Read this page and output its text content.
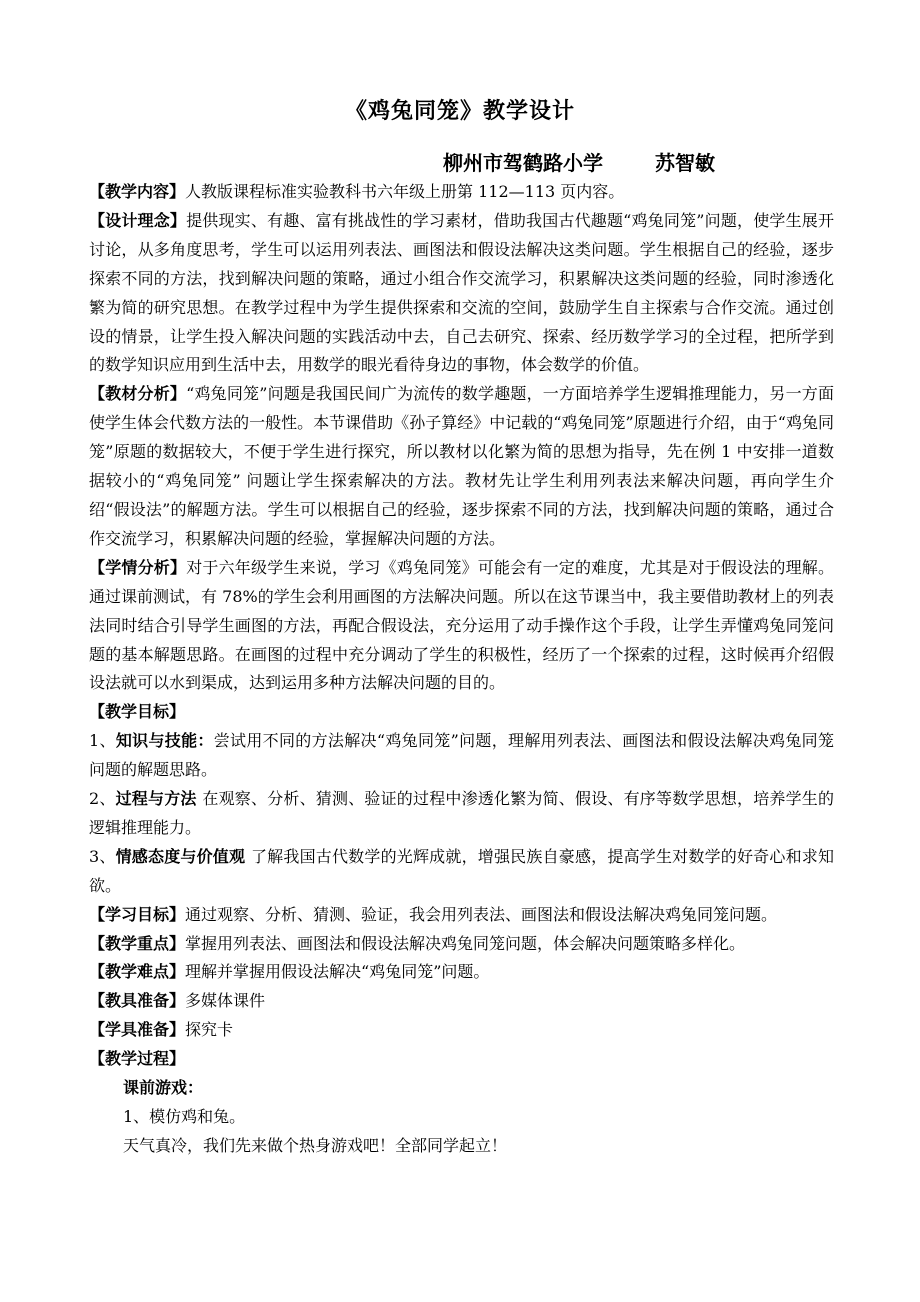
《鸡兔同笼》教学设计
柳州市驾鹤路小学	苏智敏

【教学内容】人教版课程标准实验教科书六年级上册第 112—113 页内容。

【设计理念】提供现实、有趣、富有挑战性的学习素材，借助我国古代趣题“鸡兔同笼”问题，使学生展开讨论，从多角度思考，学生可以运用列表法、画图法和假设法解决这类问题。学生根据自己的经验，逐步探索不同的方法，找到解决问题的策略，通过小组合作交流学习，积累解决这类问题的经验，同时渗透化繁为简的研究思想。在教学过程中为学生提供探索和交流的空间，鼓励学生自主探索与合作交流。通过创设的情景，让学生投入解决问题的实践活动中去，自己去研究、探索、经历数学学习的全过程，把所学到的数学知识应用到生活中去，用数学的眼光看待身边的事物，体会数学的价值。

【教材分析】“鸡兔同笼”问题是我国民间广为流传的数学趣题，一方面培养学生逻辑推理能力，另一方面使学生体会代数方法的一般性。本节课借助《孙子算经》中记载的“鸡兔同笼”原题进行介绍，由于“鸡兔同笼”原题的数据较大，不便于学生进行探究，所以教材以化繁为简的思想为指导，先在例 1 中安排一道数据较小的“鸡兔同笼” 问题让学生探索解决的方法。教材先让学生利用列表法来解决问题，再向学生介绍“假设法”的解题方法。学生可以根据自己的经验，逐步探索不同的方法，找到解决问题的策略，通过合作交流学习，积累解决问题的经验，掌握解决问题的方法。

【学情分析】对于六年级学生来说，学习《鸡兔同笼》可能会有一定的难度，尤其是对于假设法的理解。通过课前测试，有 78%的学生会利用画图的方法解决问题。所以在这节课当中，我主要借助教材上的列表法同时结合引导学生画图的方法，再配合假设法，充分运用了动手操作这个手段，让学生弄懂鸡兔同笼问题的基本解题思路。在画图的过程中充分调动了学生的积极性，经历了一个探索的过程，这时候再介绍假设法就可以水到渠成，达到运用多种方法解决问题的目的。

【教学目标】

1、知识与技能：尝试用不同的方法解决“鸡兔同笼”问题，理解用列表法、画图法和假设法解决鸡兔同笼问题的解题思路。

2、过程与方法 在观察、分析、猜测、验证的过程中渗透化繁为简、假设、有序等数学思想，培养学生的逻辑推理能力。

3、情感态度与价值观 了解我国古代数学的光辉成就，增强民族自豪感，提高学生对数学的好奇心和求知欲。

【学习目标】通过观察、分析、猜测、验证，我会用列表法、画图法和假设法解决鸡兔同笼问题。

【教学重点】掌握用列表法、画图法和假设法解决鸡兔同笼问题，体会解决问题策略多样化。

【教学难点】理解并掌握用假设法解决“鸡兔同笼”问题。

【教具准备】多媒体课件

【学具准备】探究卡

【教学过程】

课前游戏：

1、模仿鸡和兔。

天气真冷，我们先来做个热身游戏吧！全部同学起立！
